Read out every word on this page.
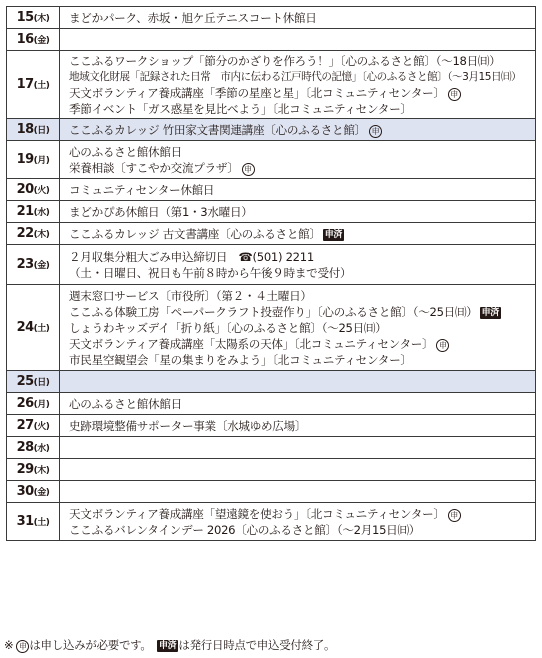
15(木)	まどかパーク、赤坂・旭ケ丘テニスコート休館日

16(金)	
17(土)	ここふるワークショップ「節分のかざりを作ろう！」〔心のふるさと館〕（～18日㈰）
地域文化財展「記録された日常　市内に伝わる江戸時代の記憶」〔心のふるさと館〕（～3月15日㈰）
天文ボランティア養成講座「季節の星座と星」〔北コミュニティセンター〕 申
季節イベント「ガス惑星を見比べよう」〔北コミュニティセンター〕

18(日)	ここふるカレッジ 竹田家文書関連講座〔心のふるさと館〕 申

19(月)	心のふるさと館休館日
栄養相談〔すこやか交流プラザ〕 申

20(火)	コミュニティセンター休館日

21(水)	まどかぴあ休館日（第1・3水曜日）

22(木)	ここふるカレッジ 古文書講座〔心のふるさと館〕 申済

23(金)	２月収集分粗大ごみ申込締切日　☎(501) 2211
（土・日曜日、祝日も午前８時から午後９時まで受付）

24(土)	週末窓口サービス〔市役所〕（第２・４土曜日）
ここふる体験工房「ペーパークラフト投壺作り」〔心のふるさと館〕（～25日㈰） 申済
しょうわキッズデイ「折り紙」〔心のふるさと館〕（～25日㈰）
天文ボランティア養成講座「太陽系の天体」〔北コミュニティセンター〕 申
市民星空観望会「星の集まりをみよう」〔北コミュニティセンター〕

25(日)	
26(月)	心のふるさと館休館日

27(火)	史跡環境整備サポーター事業〔水城ゆめ広場〕

28(水)	
29(木)	
30(金)	
31(土)	天文ボランティア養成講座「望遠鏡を使おう」〔北コミュニティセンター〕 申
ここふるバレンタインデー 2026〔心のふるさと館〕（～2月15日㈰）
※ 申 は申し込みが必要です。 申済 は発行日時点で申込受付終了。
